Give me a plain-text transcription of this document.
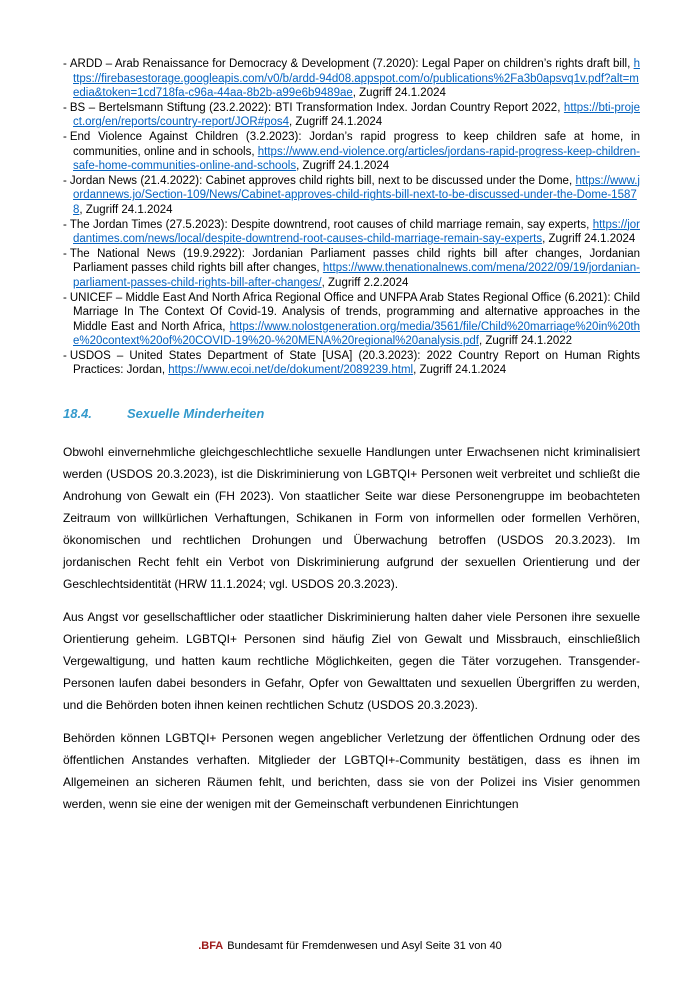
- ARDD – Arab Renaissance for Democracy & Development (7.2020): Legal Paper on children’s rights draft bill, https://firebasestorage.googleapis.com/v0/b/ardd-94d08.appspot.com/o/publications%2Fa3b0apsvq1v.pdf?alt=media&token=1cd718fa-c96a-44aa-8b2b-a99e6b9489ae, Zugriff 24.1.2024
- BS – Bertelsmann Stiftung (23.2.2022): BTI Transformation Index. Jordan Country Report 2022, https://bti-project.org/en/reports/country-report/JOR#pos4, Zugriff 24.1.2024
- End Violence Against Children (3.2.2023): Jordan’s rapid progress to keep children safe at home, in communities, online and in schools, https://www.end-violence.org/articles/jordans-rapid-progress-keep-children-safe-home-communities-online-and-schools, Zugriff 24.1.2024
- Jordan News (21.4.2022): Cabinet approves child rights bill, next to be discussed under the Dome, https://www.jordannews.jo/Section-109/News/Cabinet-approves-child-rights-bill-next-to-be-discussed-under-the-Dome-15878, Zugriff 24.1.2024
- The Jordan Times (27.5.2023): Despite downtrend, root causes of child marriage remain, say experts, https://jordantimes.com/news/local/despite-downtrend-root-causes-child-marriage-remain-say-experts, Zugriff 24.1.2024
- The National News (19.9.2922): Jordanian Parliament passes child rights bill after changes, Jordanian Parliament passes child rights bill after changes, https://www.thenationalnews.com/mena/2022/09/19/jordanian-parliament-passes-child-rights-bill-after-changes/, Zugriff 2.2.2024
- UNICEF – Middle East And North Africa Regional Office and UNFPA Arab States Regional Office (6.2021): Child Marriage In The Context Of Covid-19. Analysis of trends, programming and alternative approaches in the Middle East and North Africa, https://www.nolostgeneration.org/media/3561/file/Child%20marriage%20in%20the%20context%20of%20COVID-19%20-%20MENA%20regional%20analysis.pdf, Zugriff 24.1.2022
- USDOS – United States Department of State [USA] (20.3.2023): 2022 Country Report on Human Rights Practices: Jordan, https://www.ecoi.net/de/dokument/2089239.html, Zugriff 24.1.2024
18.4.	Sexuelle Minderheiten

Obwohl einvernehmliche gleichgeschlechtliche sexuelle Handlungen unter Erwachsenen nicht kriminalisiert werden (USDOS 20.3.2023), ist die Diskriminierung von LGBTQI+ Personen weit verbreitet und schließt die Androhung von Gewalt ein (FH 2023). Von staatlicher Seite war diese Personengruppe im beobachteten Zeitraum von willkürlichen Verhaftungen, Schikanen in Form von informellen oder formellen Verhören, ökonomischen und rechtlichen Drohungen und Überwachung betroffen (USDOS 20.3.2023). Im jordanischen Recht fehlt ein Verbot von Diskriminierung aufgrund der sexuellen Orientierung und der Geschlechtsidentität (HRW 11.1.2024; vgl. USDOS 20.3.2023).

Aus Angst vor gesellschaftlicher oder staatlicher Diskriminierung halten daher viele Personen ihre sexuelle Orientierung geheim. LGBTQI+ Personen sind häufig Ziel von Gewalt und Missbrauch, einschließlich Vergewaltigung, und hatten kaum rechtliche Möglichkeiten, gegen die Täter vorzugehen. Transgender-Personen laufen dabei besonders in Gefahr, Opfer von Gewalttaten und sexuellen Übergriffen zu werden, und die Behörden boten ihnen keinen rechtlichen Schutz (USDOS 20.3.2023).

Behörden können LGBTQI+ Personen wegen angeblicher Verletzung der öffentlichen Ordnung oder des öffentlichen Anstandes verhaften. Mitglieder der LGBTQI+-Community bestätigen, dass es ihnen im Allgemeinen an sicheren Räumen fehlt, und berichten, dass sie von der Polizei ins Visier genommen werden, wenn sie eine der wenigen mit der Gemeinschaft verbundenen Einrichtungen

.BFA Bundesamt für Fremdenwesen und Asyl Seite 31 von 40
